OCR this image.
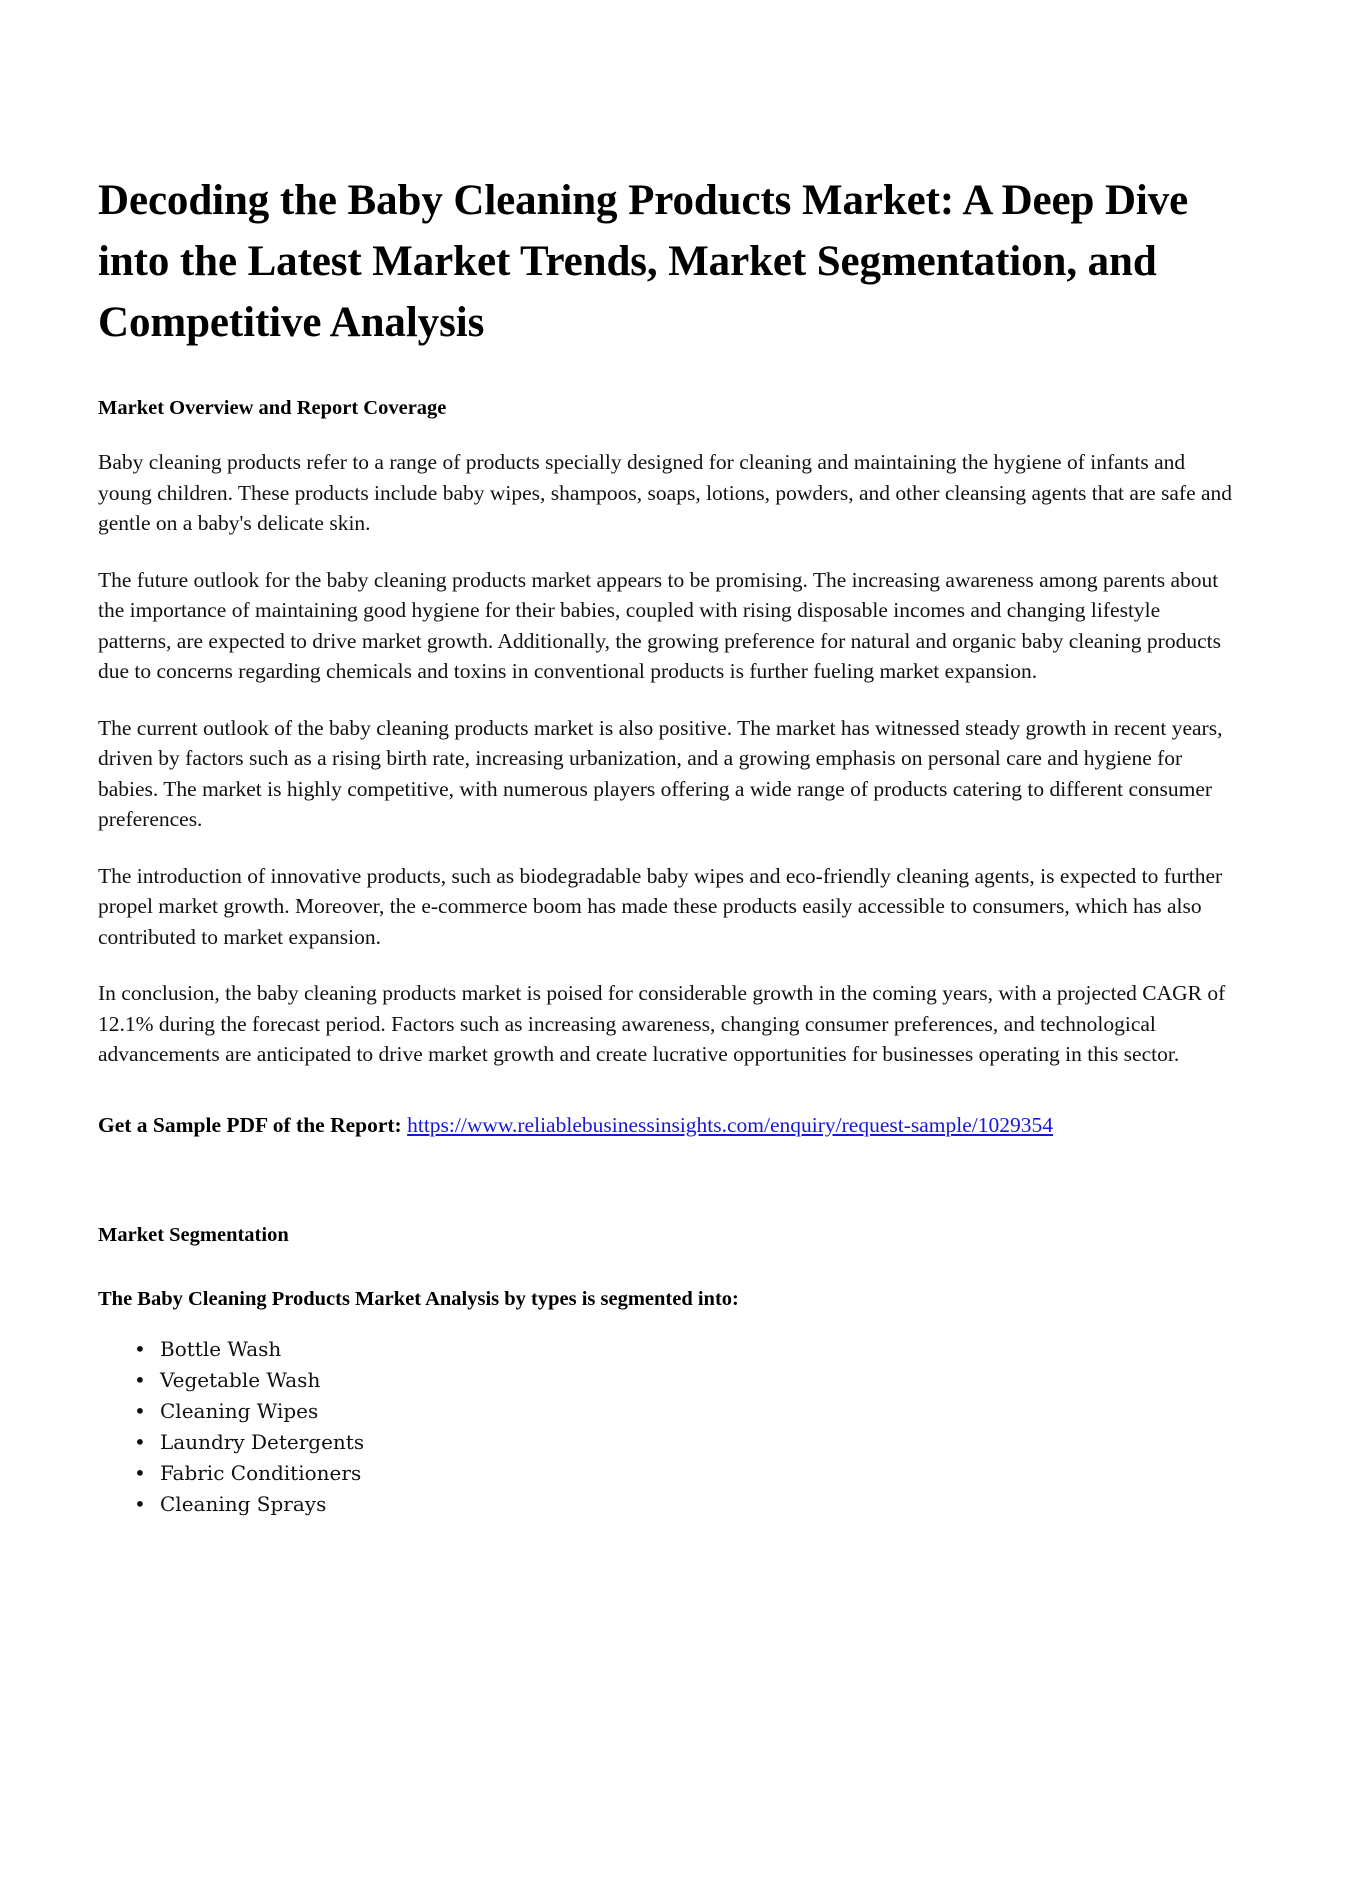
Decoding the Baby Cleaning Products Market: A Deep Dive into the Latest Market Trends, Market Segmentation, and Competitive Analysis

Market Overview and Report Coverage

Baby cleaning products refer to a range of products specially designed for cleaning and maintaining the hygiene of infants and young children. These products include baby wipes, shampoos, soaps, lotions, powders, and other cleansing agents that are safe and gentle on a baby's delicate skin.

The future outlook for the baby cleaning products market appears to be promising. The increasing awareness among parents about the importance of maintaining good hygiene for their babies, coupled with rising disposable incomes and changing lifestyle patterns, are expected to drive market growth. Additionally, the growing preference for natural and organic baby cleaning products due to concerns regarding chemicals and toxins in conventional products is further fueling market expansion.

The current outlook of the baby cleaning products market is also positive. The market has witnessed steady growth in recent years, driven by factors such as a rising birth rate, increasing urbanization, and a growing emphasis on personal care and hygiene for babies. The market is highly competitive, with numerous players offering a wide range of products catering to different consumer preferences.

The introduction of innovative products, such as biodegradable baby wipes and eco-friendly cleaning agents, is expected to further propel market growth. Moreover, the e-commerce boom has made these products easily accessible to consumers, which has also contributed to market expansion.

In conclusion, the baby cleaning products market is poised for considerable growth in the coming years, with a projected CAGR of 12.1% during the forecast period. Factors such as increasing awareness, changing consumer preferences, and technological advancements are anticipated to drive market growth and create lucrative opportunities for businesses operating in this sector.

Get a Sample PDF of the Report: https://www.reliablebusinessinsights.com/enquiry/request-sample/1029354

Market Segmentation

The Baby Cleaning Products Market Analysis by types is segmented into:

• Bottle Wash
• Vegetable Wash
• Cleaning Wipes
• Laundry Detergents
• Fabric Conditioners
• Cleaning Sprays
